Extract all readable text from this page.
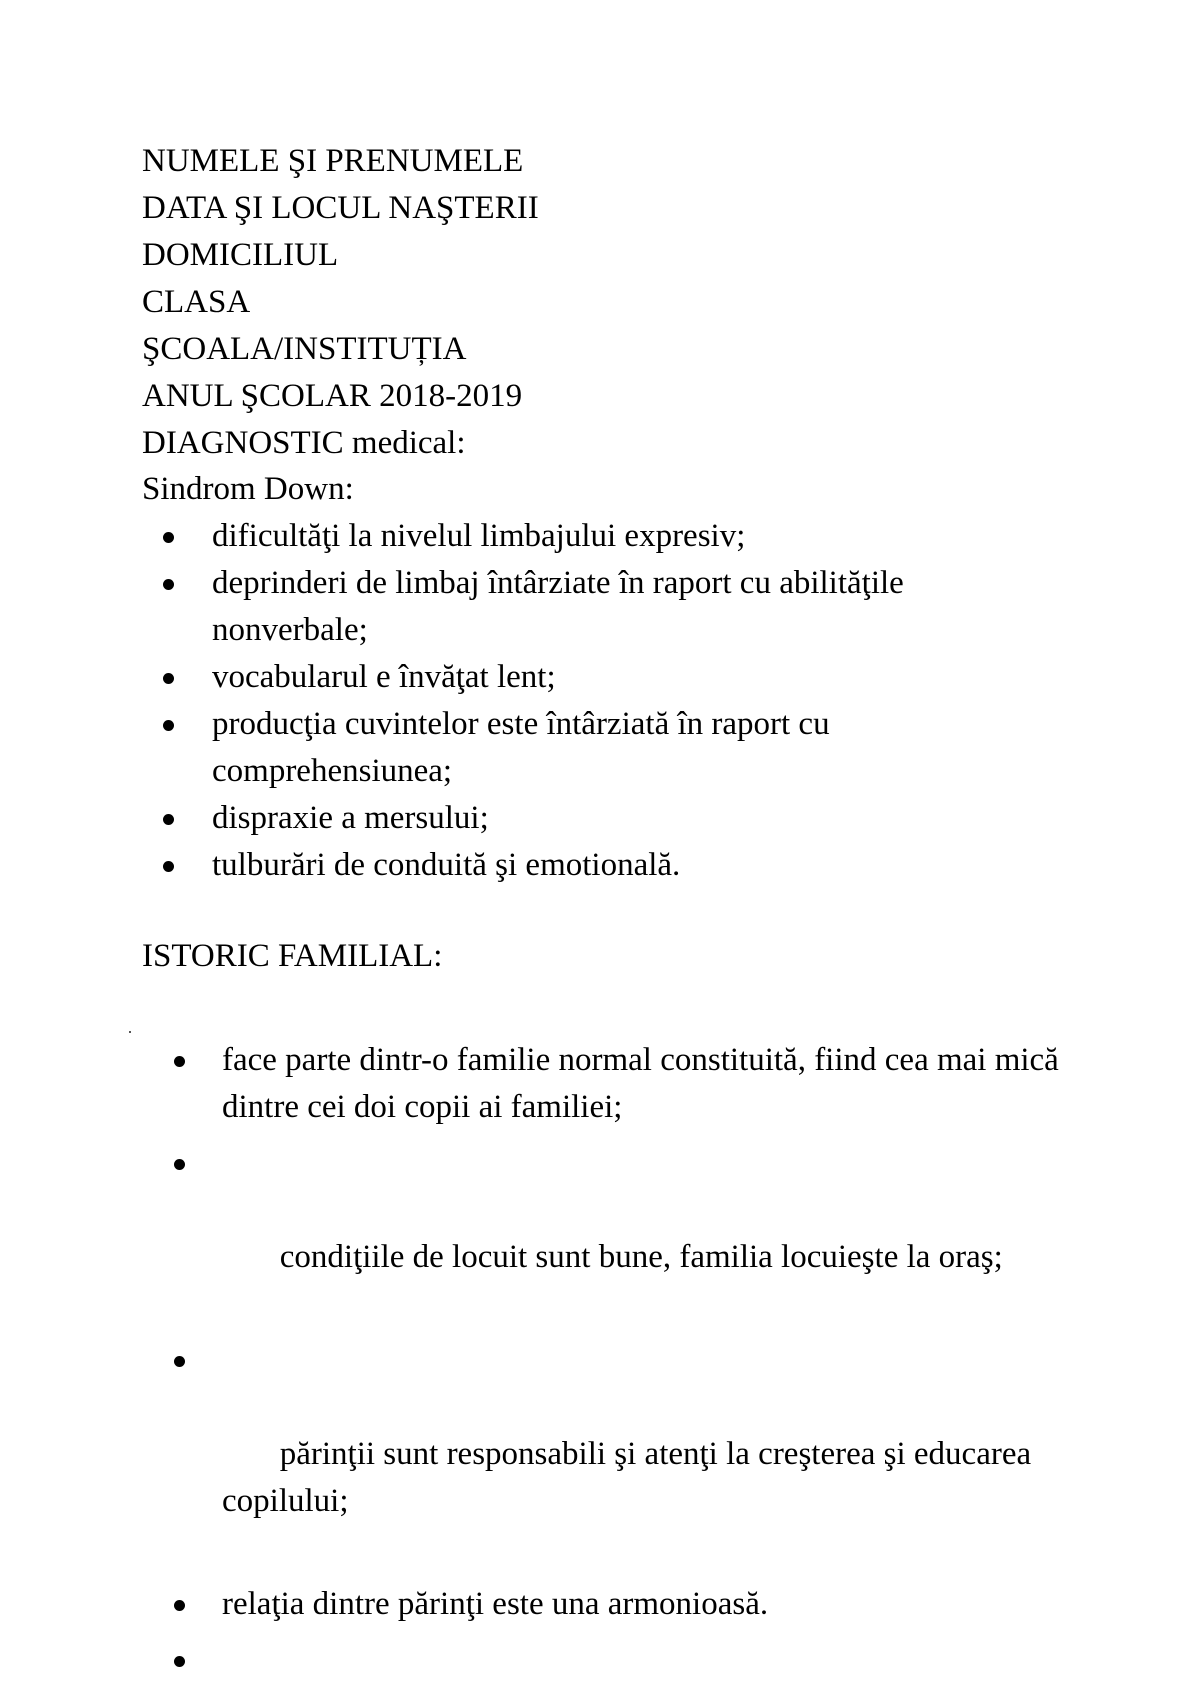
NUMELE ŞI PRENUMELE
DATA ŞI LOCUL NAŞTERII
DOMICILIUL
CLASA
ŞCOALA/INSTITUȚIA
ANUL ŞCOLAR 2018-2019
DIAGNOSTIC medical:
Sindrom Down:
dificultăţi la nivelul limbajului expresiv;
deprinderi de limbaj întârziate în raport cu abilităţile nonverbale;
vocabularul e învăţat lent;
producţia cuvintelor este întârziată în raport cu comprehensiunea;
dispraxie a mersului;
tulburări de conduită şi emotională.
ISTORIC FAMILIAL:
face parte dintr-o familie normal constituită, fiind cea mai mică dintre cei doi copii ai familiei;

condiţiile de locuit sunt bune, familia locuieşte la oraş;

părinţii sunt responsabili şi atenţi la creşterea şi educarea copilului;

relaţia dintre părinţi este una armonioasă.
